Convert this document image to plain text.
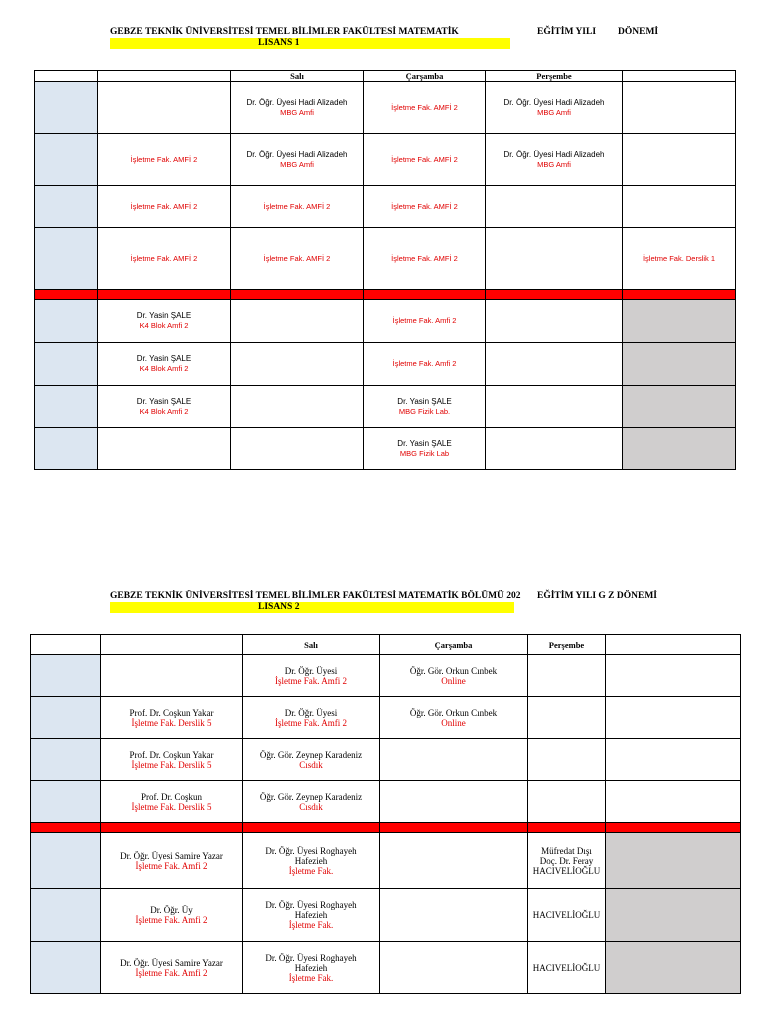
GEBZE TEKNİK ÜNİVERSİTESİ TEMEL BİLİMLER FAKÜLTESİ MATEMATİK	EĞİTİM YILI DÖNEMİ
LISANS 1
		Salı	Çarşamba	Perşembe	

		Dr. Öğr. Üyesi Hadi Alizadeh
MBG Amfi	İşletme Fak. AMFİ 2	Dr. Öğr. Üyesi Hadi Alizadeh
MBG Amfi	

	İşletme Fak. AMFİ 2	Dr. Öğr. Üyesi Hadi Alizadeh
MBG Amfi	İşletme Fak. AMFİ 2	Dr. Öğr. Üyesi Hadi Alizadeh
MBG Amfi	

	İşletme Fak. AMFİ 2	İşletme Fak. AMFİ 2	İşletme Fak. AMFİ 2		

	İşletme Fak. AMFİ 2	İşletme Fak. AMFİ 2	İşletme Fak. AMFİ 2		İşletme Fak. Derslik 1

	Dr. Yasin ŞALE
K4 Blok Amfi 2		İşletme Fak. Amfi 2		

	Dr. Yasin ŞALE
K4 Blok Amfi 2		İşletme Fak. Amfi 2		

	Dr. Yasin ŞALE
K4 Blok Amfi 2		Dr. Yasin ŞALE
MBG Fizik Lab.		

			Dr. Yasin ŞALE
MBG Fizik Lab		

GEBZE TEKNİK ÜNİVERSİTESİ TEMEL BİLİMLER FAKÜLTESİ MATEMATİK BÖLÜMÜ 202 EĞİTİM YILI G Z DÖNEMİ
LISANS 2
		Salı	Çarşamba	Perşembe	

		Dr. Öğr. Üyesi
İşletme Fak. Amfi 2	Öğr. Gör. Orkun Cınbek
Online		

	Prof. Dr. Coşkun Yakar
İşletme Fak. Derslik 5	Dr. Öğr. Üyesi
İşletme Fak. Amfi 2	Öğr. Gör. Orkun Cınbek
Online		

	Prof. Dr. Coşkun Yakar
İşletme Fak. Derslik 5	Öğr. Gör. Zeynep Karadeniz
Cısdık			

	Prof. Dr. Coşkun
İşletme Fak. Derslik 5	Öğr. Gör. Zeynep Karadeniz
Cısdık			

	Dr. Öğr. Üyesi Samire Yazar
İşletme Fak. Amfi 2	Dr. Öğr. Üyesi Roghayeh
Hafezieh
İşletme Fak.		Müfredat Dışı
Doç. Dr. Feray
HACIVELİOĞLU	

	Dr. Öğr. Üy
İşletme Fak. Amfi 2	Dr. Öğr. Üyesi Roghayeh
Hafezieh
İşletme Fak.		HACIVELİOĞLU	

	Dr. Öğr. Üyesi Samire Yazar
İşletme Fak. Amfi 2	Dr. Öğr. Üyesi Roghayeh
Hafezieh
İşletme Fak.		HACIVELİOĞLU	
